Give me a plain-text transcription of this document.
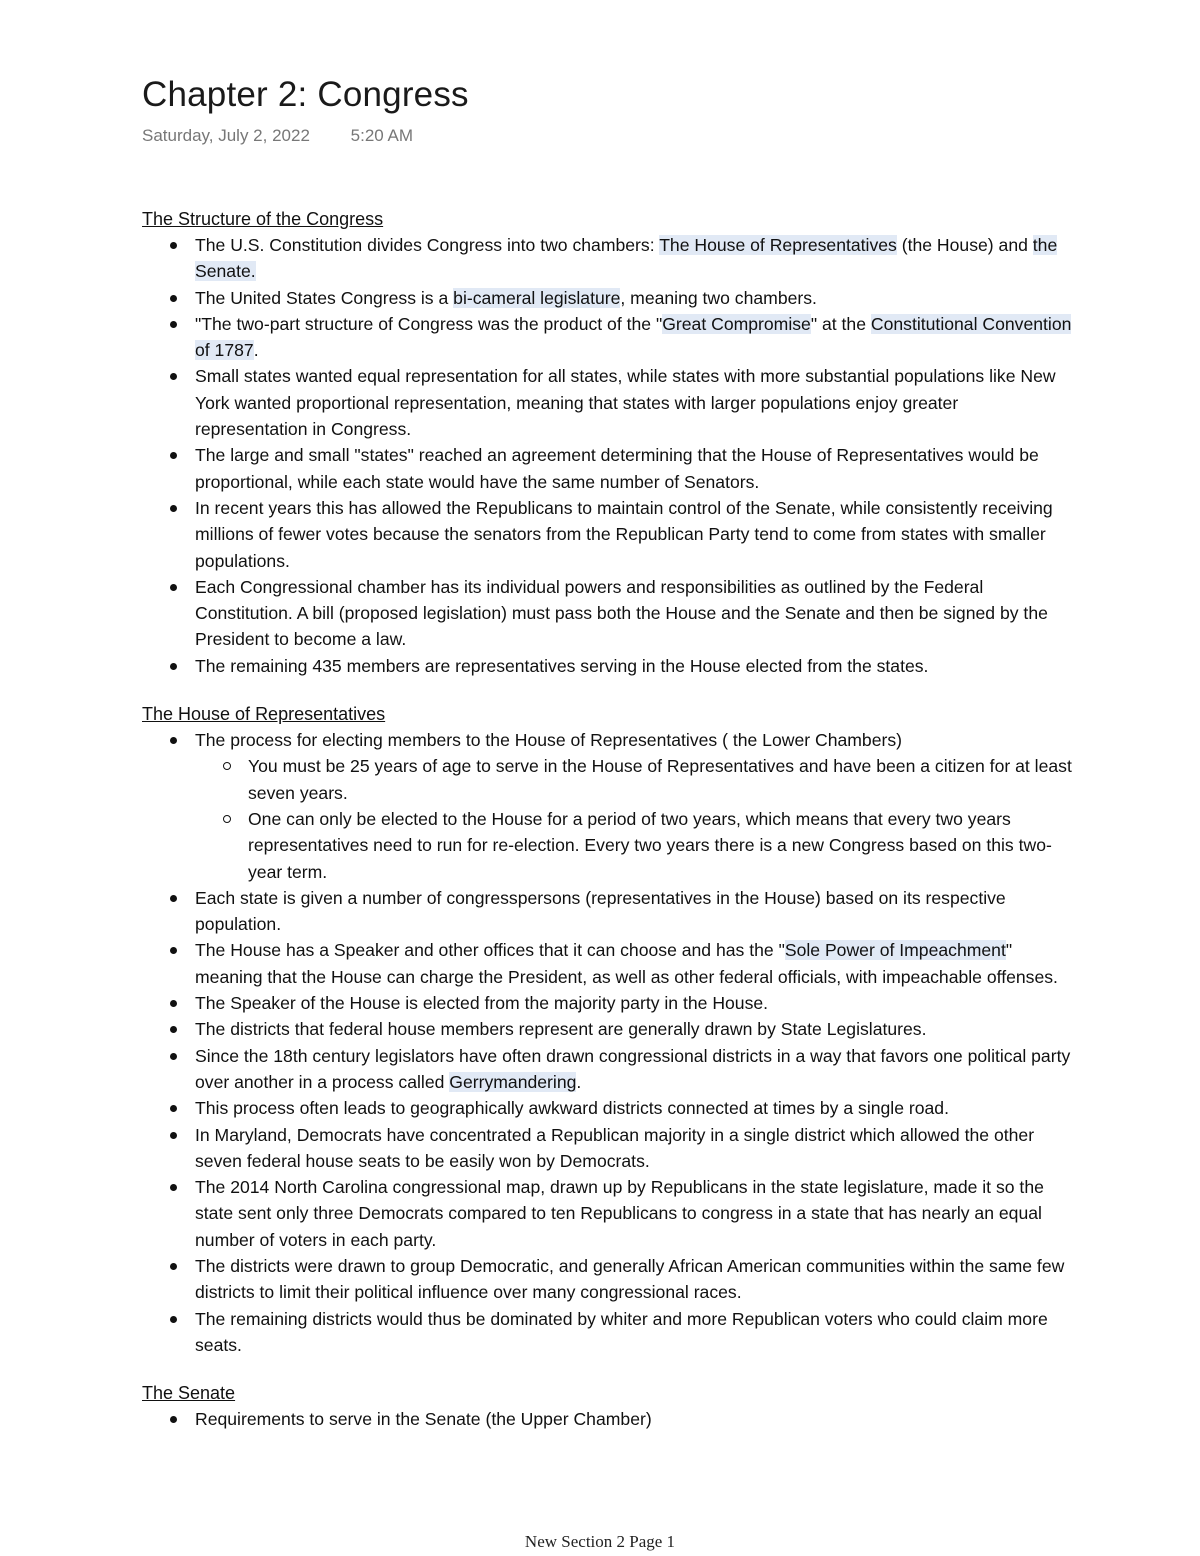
Chapter 2: Congress
Saturday, July 2, 2022 5:20 AM
The Structure of the Congress
The U.S. Constitution divides Congress into two chambers: The House of Representatives (the House) and the Senate.
The United States Congress is a bi-cameral legislature, meaning two chambers.
"The two-part structure of Congress was the product of the "Great Compromise" at the Constitutional Convention of 1787.
Small states wanted equal representation for all states, while states with more substantial populations like New York wanted proportional representation, meaning that states with larger populations enjoy greater representation in Congress.
The large and small "states" reached an agreement determining that the House of Representatives would be proportional, while each state would have the same number of Senators.
In recent years this has allowed the Republicans to maintain control of the Senate, while consistently receiving millions of fewer votes because the senators from the Republican Party tend to come from states with smaller populations.
Each Congressional chamber has its individual powers and responsibilities as outlined by the Federal Constitution. A bill (proposed legislation) must pass both the House and the Senate and then be signed by the President to become a law.
The remaining 435 members are representatives serving in the House elected from the states.
The House of Representatives
The process for electing members to the House of Representatives ( the Lower Chambers)
You must be 25 years of age to serve in the House of Representatives and have been a citizen for at least seven years.
One can only be elected to the House for a period of two years, which means that every two years representatives need to run for re-election. Every two years there is a new Congress based on this two-year term.
Each state is given a number of congresspersons (representatives in the House) based on its respective population.
The House has a Speaker and other offices that it can choose and has the "Sole Power of Impeachment" meaning that the House can charge the President, as well as other federal officials, with impeachable offenses.
The Speaker of the House is elected from the majority party in the House.
The districts that federal house members represent are generally drawn by State Legislatures.
Since the 18th century legislators have often drawn congressional districts in a way that favors one political party over another in a process called Gerrymandering.
This process often leads to geographically awkward districts connected at times by a single road.
In Maryland, Democrats have concentrated a Republican majority in a single district which allowed the other seven federal house seats to be easily won by Democrats.
The 2014 North Carolina congressional map, drawn up by Republicans in the state legislature, made it so the state sent only three Democrats compared to ten Republicans to congress in a state that has nearly an equal number of voters in each party.
The districts were drawn to group Democratic, and generally African American communities within the same few districts to limit their political influence over many congressional races.
The remaining districts would thus be dominated by whiter and more Republican voters who could claim more seats.
The Senate
Requirements to serve in the Senate (the Upper Chamber)
New Section 2 Page 1
